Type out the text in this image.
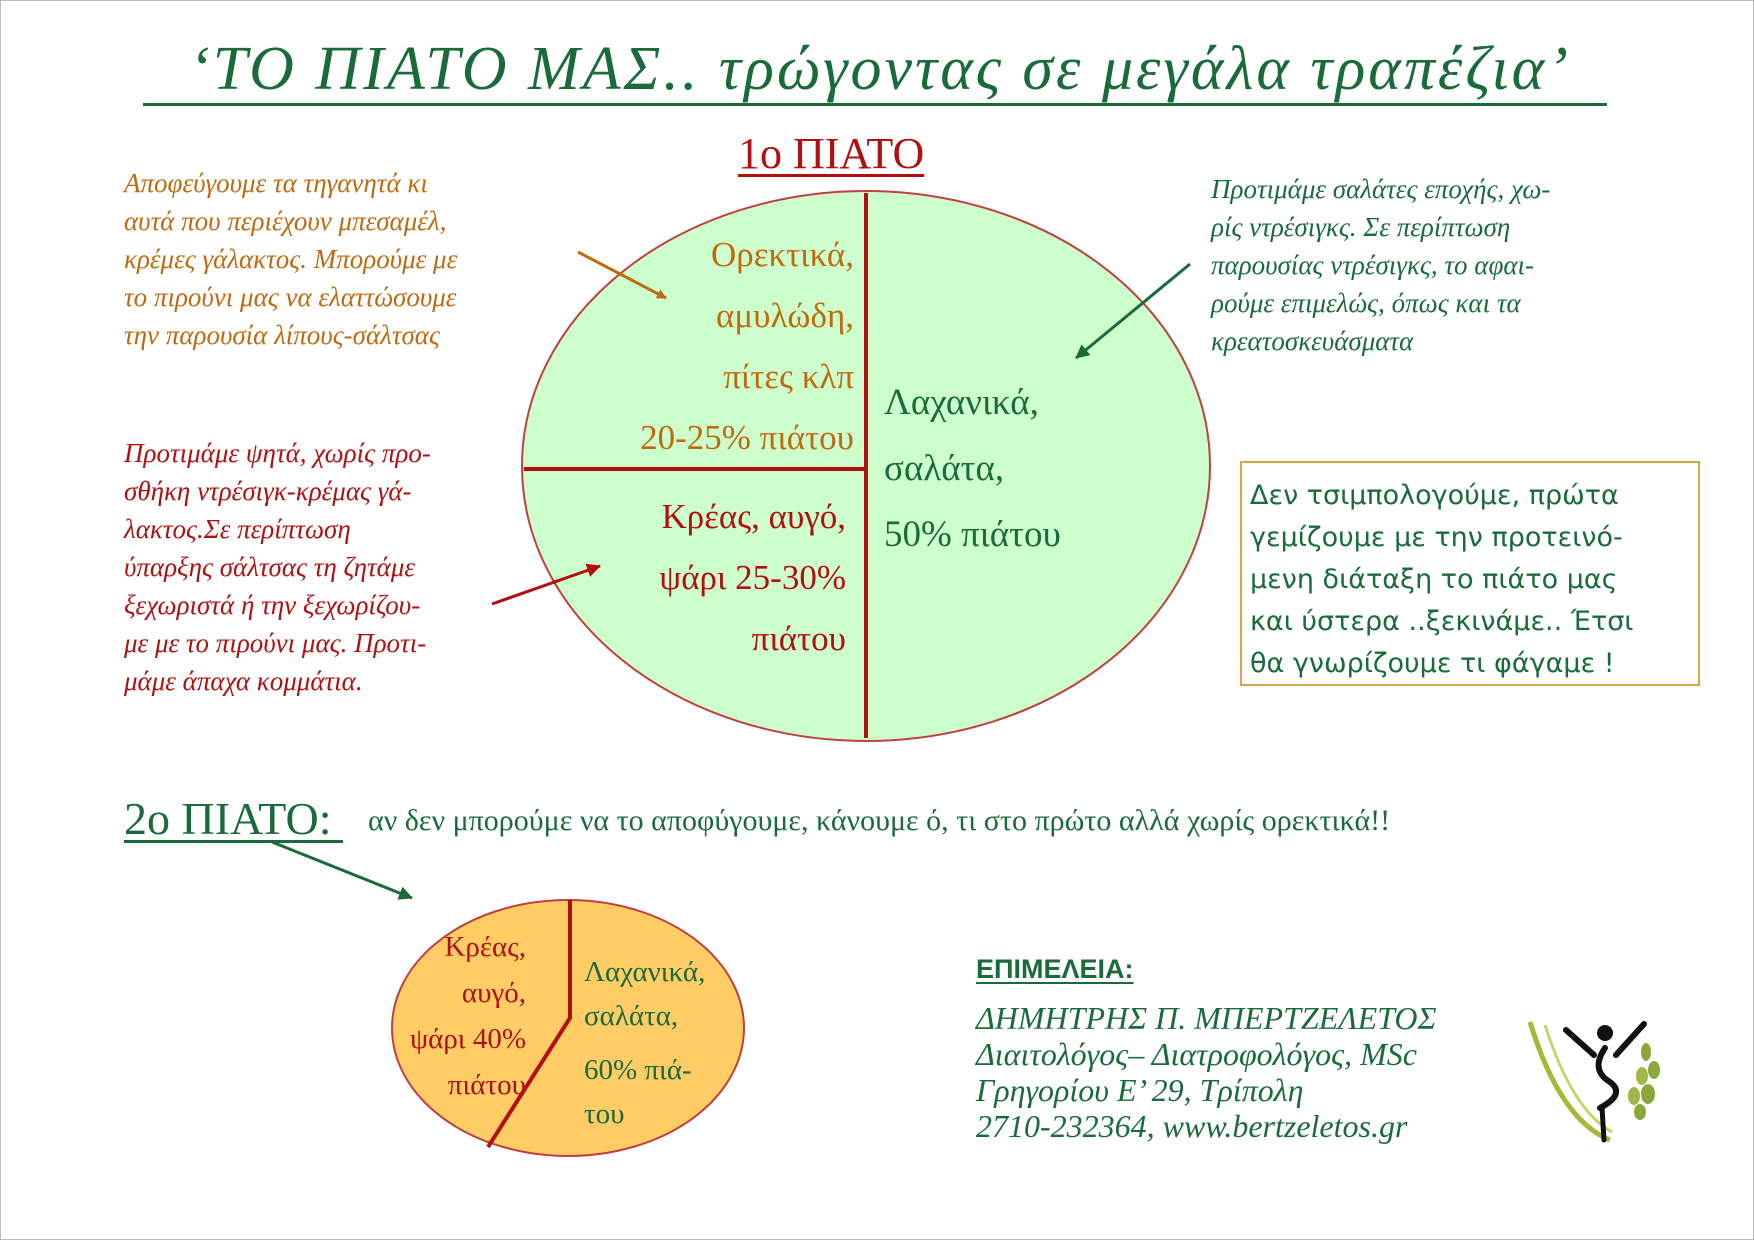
‘ΤΟ ΠΙΑΤΟ ΜΑΣ.. τρώγοντας σε μεγάλα τραπέζια’
1ο ΠΙΑΤΟ
Αποφεύγουμε τα τηγανητά κι
αυτά που περιέχουν μπεσαμέλ,
κρέμες γάλακτος. Μπορούμε με
το πιρούνι μας να ελαττώσουμε
την παρουσία λίπους-σάλτσας
Προτιμάμε ψητά, χωρίς προ-
σθήκη ντρέσιγκ-κρέμας γά-
λακτος.Σε περίπτωση
ύπαρξης σάλτσας τη ζητάμε
ξεχωριστά ή την ξεχωρίζου-
με με το πιρούνι μας. Προτι-
μάμε άπαχα κομμάτια.
Προτιμάμε σαλάτες εποχής, χω-
ρίς ντρέσιγκς. Σε περίπτωση
παρουσίας ντρέσιγκς, το αφαι-
ρούμε επιμελώς, όπως και τα
κρεατοσκευάσματα
Ορεκτικά,
αμυλώδη,
πίτες κλπ
20-25% πιάτου
Κρέας, αυγό,
ψάρι 25-30%
πιάτου
Λαχανικά,
σαλάτα,
50% πιάτου
Δεν τσιμπολογούμε, πρώτα
γεμίζουμε με την προτεινό-
μενη διάταξη το πιάτο μας
και ύστερα ..ξεκινάμε.. Έτσι
θα γνωρίζουμε τι φάγαμε !
2ο ΠΙΑΤΟ: αν δεν μπορούμε να το αποφύγουμε, κάνουμε ό, τι στο πρώτο αλλά χωρίς ορεκτικά!!
Κρέας,
αυγό,
ψάρι 40%
πιάτου
Λαχανικά,
σαλάτα,
60% πιά-
του
ΕΠΙΜΕΛΕΙΑ:
ΔΗΜΗΤΡΗΣ Π. ΜΠΕΡΤΖΕΛΕΤΟΣ
Διαιτολόγος– Διατροφολόγος, MSc
Γρηγορίου Ε’ 29, Τρίπολη
2710-232364, www.bertzeletos.gr
